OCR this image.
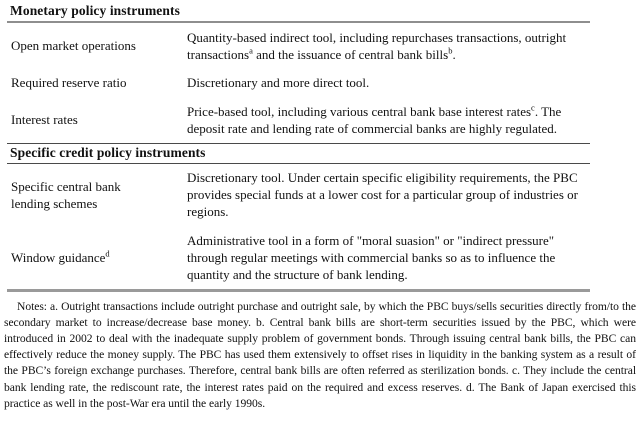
Monetary policy instruments
Open market operations
Quantity-based indirect tool, including repurchases transactions, outright transactions$^a$ and the issuance of central bank bills$^b$.
Required reserve ratio	Discretionary and more direct tool.
Interest rates
Price-based tool, including various central bank base interest rates$^c$. The deposit rate and lending rate of commercial banks are highly regulated.
Specific credit policy instruments
Specific central bank lending schemes
Discretionary tool. Under certain specific eligibility requirements, the PBC provides special funds at a lower cost for a particular group of industries or regions.
Window guidance$^d$
Administrative tool in a form of "moral suasion" or "indirect pressure" through regular meetings with commercial banks so as to influence the quantity and the structure of bank lending.

Notes: a. Outright transactions include outright purchase and outright sale, by which the PBC buys/sells securities directly from/to the secondary market to increase/decrease base money. b. Central bank bills are short-term securities issued by the PBC, which were introduced in 2002 to deal with the inadequate supply problem of government bonds. Through issuing central bank bills, the PBC can effectively reduce the money supply. The PBC has used them extensively to offset rises in liquidity in the banking system as a result of the PBC’s foreign exchange purchases. Therefore, central bank bills are often referred as sterilization bonds. c. They include the central bank lending rate, the rediscount rate, the interest rates paid on the required and excess reserves. d. The Bank of Japan exercised this practice as well in the post-War era until the early 1990s.
